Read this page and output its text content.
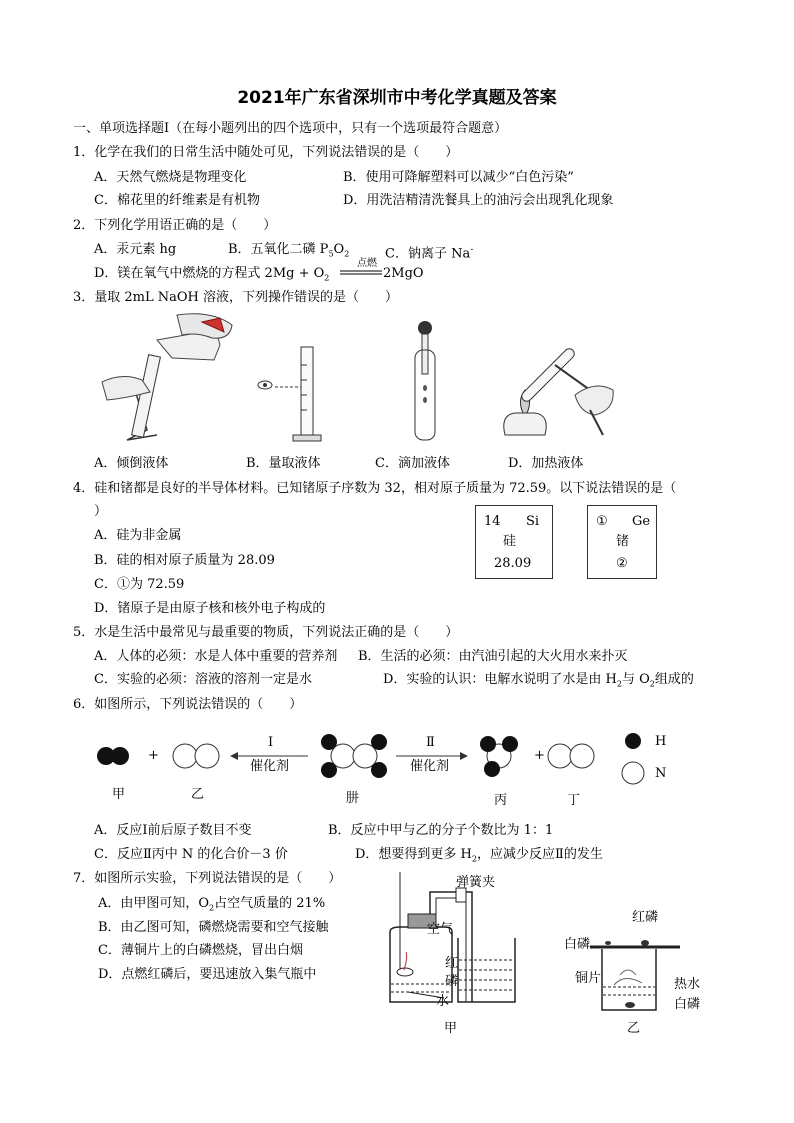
2021年广东省深圳市中考化学真题及答案
一、单项选择题Ⅰ（在每小题列出的四个选项中，只有一个选项最符合题意）
1．化学在我们的日常生活中随处可见，下列说法错误的是（　　）
A．天然气燃烧是物理变化	B．使用可降解塑料可以减少“白色污染”
C．棉花里的纤维素是有机物	D．用洗洁精清洗餐具上的油污会出现乳化现象
2．下列化学用语正确的是（　　）
A．汞元素 hg	B．五氧化二磷 $P_5O_2$	C．钠离子 Na-
D．镁在氧气中燃烧的方程式 $2Mg + O_2$
点燃
2MgO
3．量取 2mL NaOH 溶液，下列操作错误的是（　　）
A．倾倒液体	B．量取液体	C．滴加液体	D．加热液体
4．硅和锗都是良好的半导体材料。已知锗原子序数为 32，相对原子质量为 72.59。以下说法错误的是（
）
A．硅为非金属
B．硅的相对原子质量为 28.09
C．①为 72.59
D．锗原子是由原子核和核外电子构成的
14 Si
硅
28.09
① Ge
锗
②
5．水是生活中最常见与最重要的物质，下列说法正确的是（　　）
A．人体的必须：水是人体中重要的营养剂 B．生活的必须：由汽油引起的大火用水来扑灭
C．实验的必须：溶液的溶剂一定是水	D．实验的认识：电解水说明了水是由 $H_2$与 $O_2$组成的
6．如图所示，下列说法错误的（　　）
+	+
Ⅰ
催化剂
Ⅱ
催化剂
甲	乙	肼	丙	丁
H
N
A．反应Ⅰ前后原子数目不变	B．反应中甲与乙的分子个数比为 1：1
C．反应Ⅱ丙中 N 的化合价－3 价	D．想要得到更多 $H_2$，应减少反应Ⅱ的发生
7．如图所示实验，下列说法错误的是（　　）
A．由甲图可知，$O_2$占空气质量的 21%
B．由乙图可知，磷燃烧需要和空气接触
C．薄铜片上的白磷燃烧，冒出白烟
D．点燃红磷后，要迅速放入集气瓶中
弹簧夹
空气
红
磷
水
甲
红磷
白磷
铜片	热水
白磷
乙
